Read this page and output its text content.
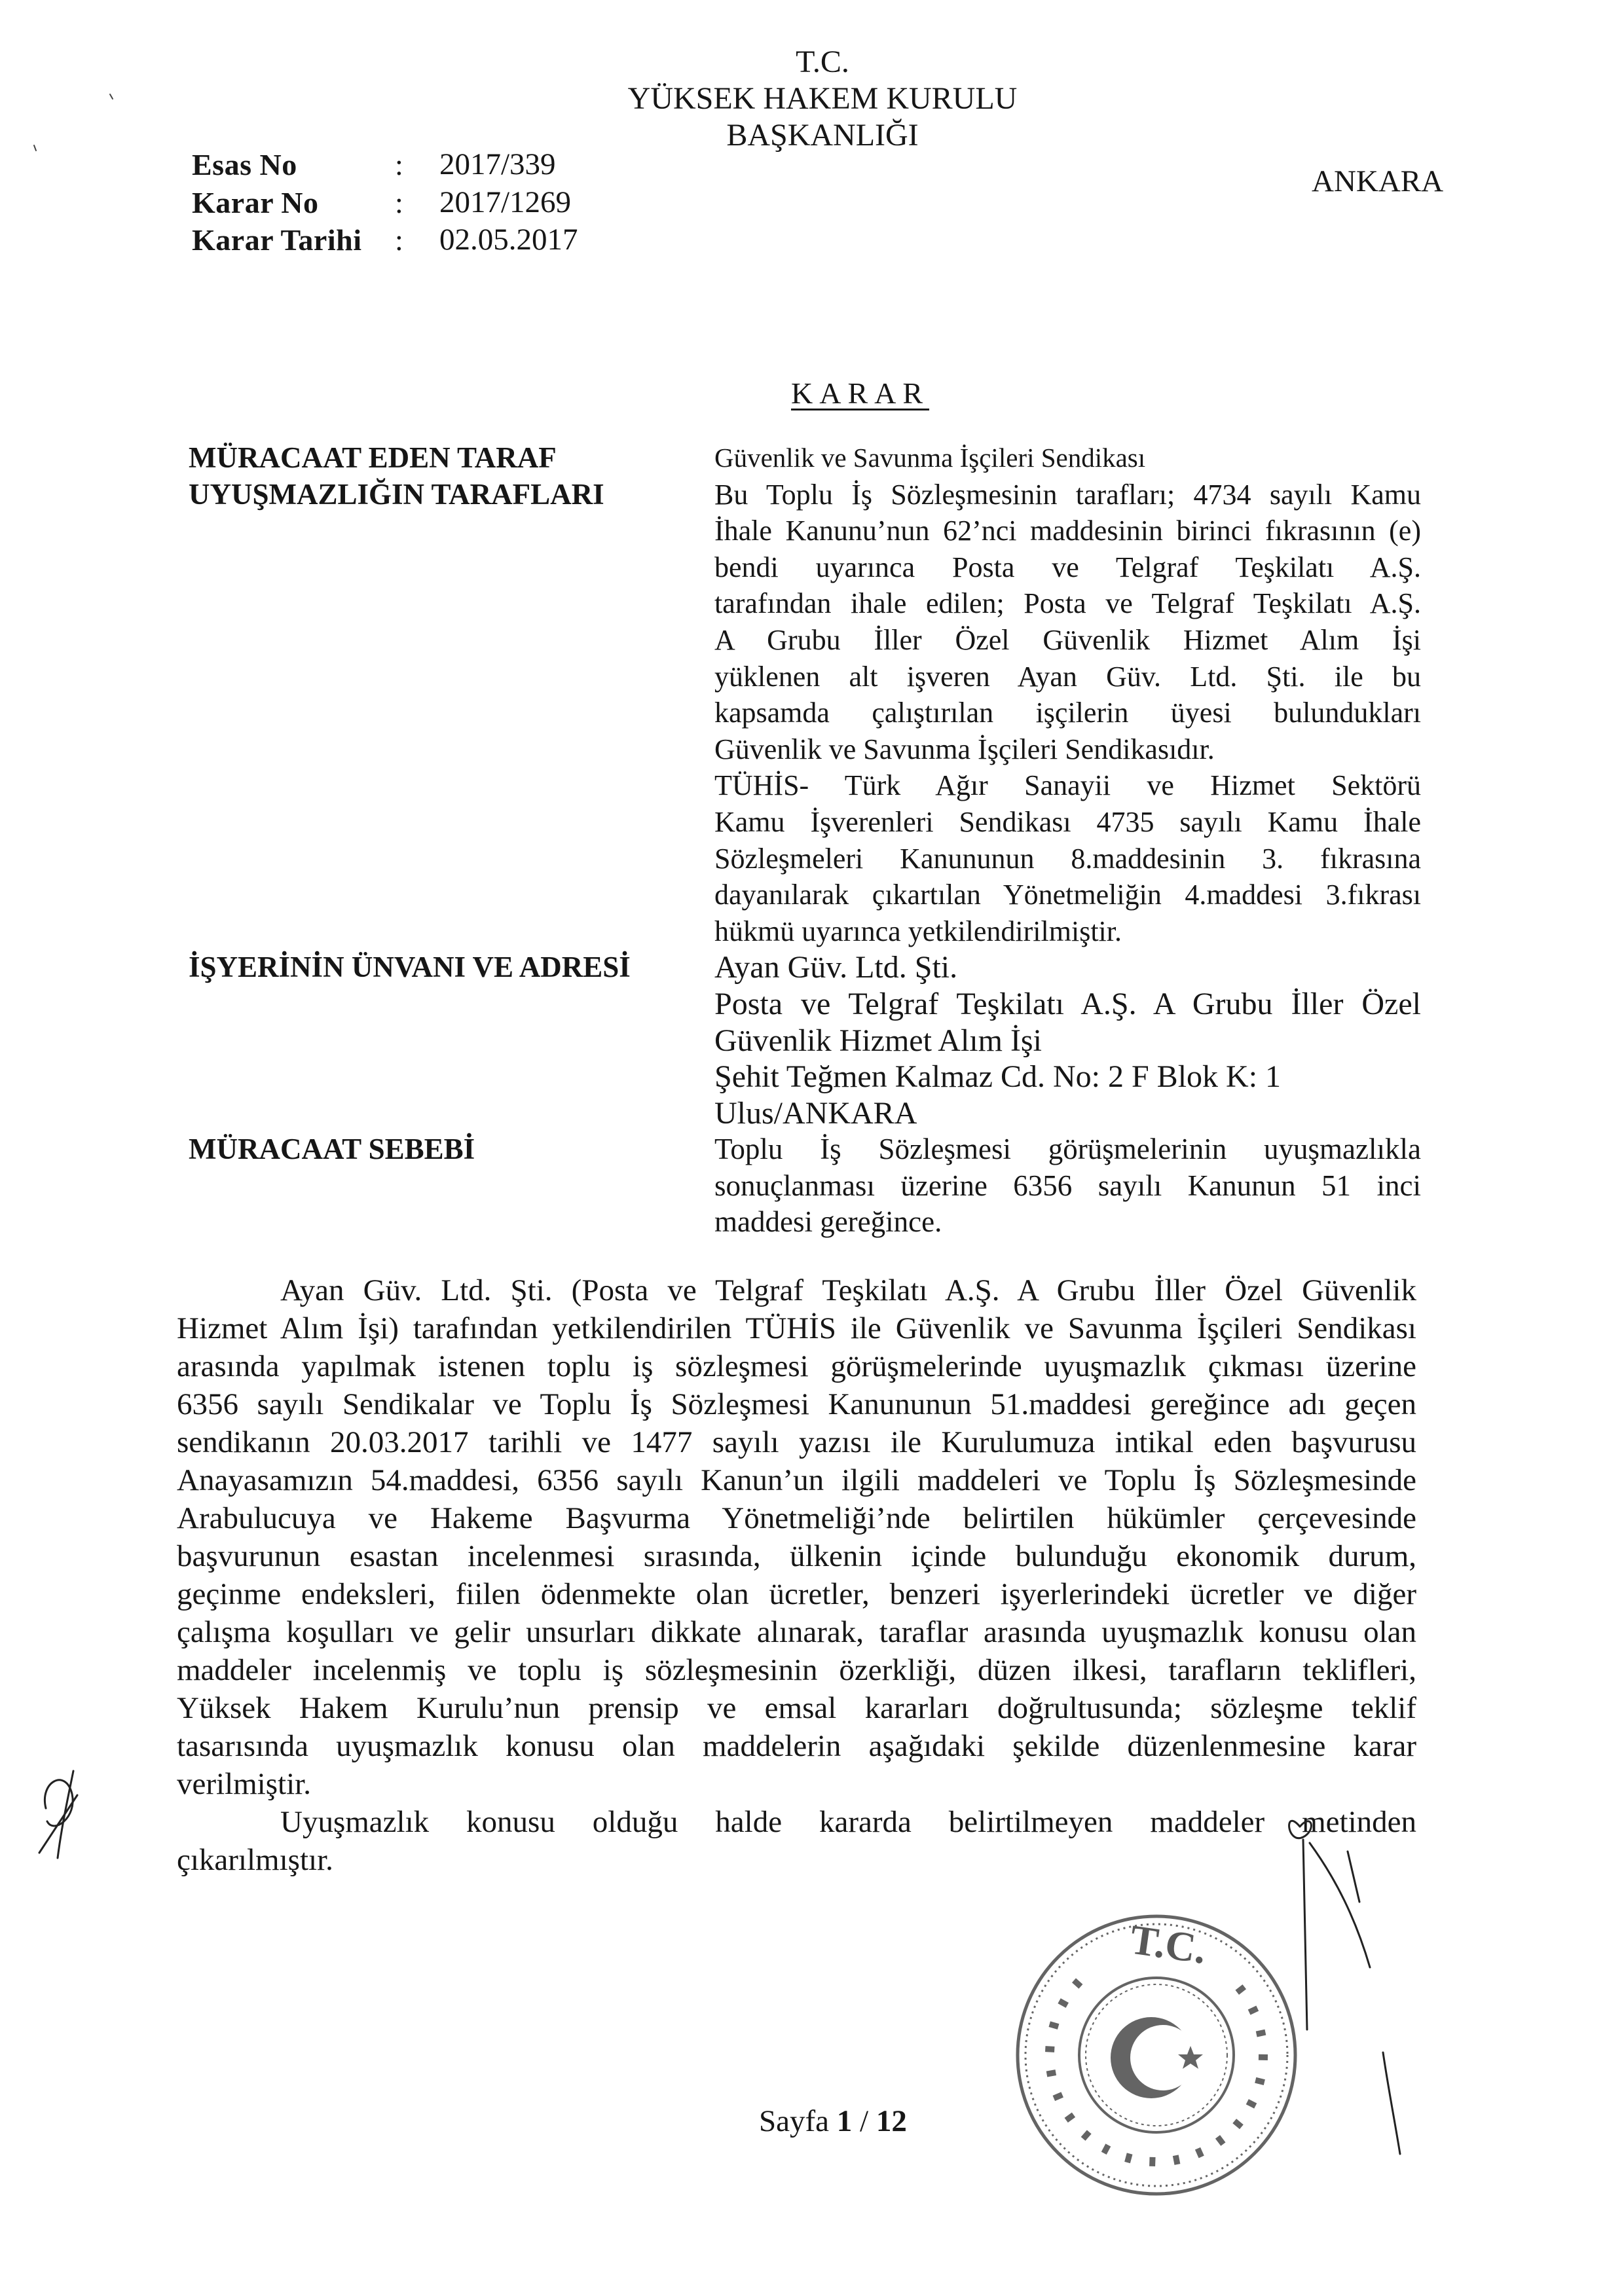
T.C.
YÜKSEK HAKEM KURULU
BAŞKANLIĞI
Esas No	:	2017/339
Karar No	:	2017/1269
Karar Tarihi	:	02.05.2017
ANKARA
KARAR
MÜRACAAT EDEN TARAF	Güvenlik ve Savunma İşçileri Sendikası
UYUŞMAZLIĞIN TARAFLARI	Bu Toplu İş Sözleşmesinin tarafları; 4734 sayılı Kamu
İhale Kanunu’nun 62’nci maddesinin birinci fıkrasının (e)
bendi uyarınca Posta ve Telgraf Teşkilatı A.Ş.
tarafından ihale edilen; Posta ve Telgraf Teşkilatı A.Ş.
A Grubu İller Özel Güvenlik Hizmet Alım İşi
yüklenen alt işveren Ayan Güv. Ltd. Şti. ile bu
kapsamda çalıştırılan işçilerin üyesi bulundukları
Güvenlik ve Savunma İşçileri Sendikasıdır.
TÜHİS- Türk Ağır Sanayii ve Hizmet Sektörü
Kamu İşverenleri Sendikası 4735 sayılı Kamu İhale
Sözleşmeleri Kanununun 8.maddesinin 3. fıkrasına
dayanılarak çıkartılan Yönetmeliğin 4.maddesi 3.fıkrası
hükmü uyarınca yetkilendirilmiştir.
İŞYERİNİN ÜNVANI VE ADRESİ	Ayan Güv. Ltd. Şti.
Posta ve Telgraf Teşkilatı A.Ş. A Grubu İller Özel
Güvenlik Hizmet Alım İşi
Şehit Teğmen Kalmaz Cd. No: 2 F Blok K: 1
Ulus/ANKARA
MÜRACAAT SEBEBİ	Toplu İş Sözleşmesi görüşmelerinin uyuşmazlıkla
sonuçlanması üzerine 6356 sayılı Kanunun 51 inci
maddesi gereğince.
Ayan Güv. Ltd. Şti. (Posta ve Telgraf Teşkilatı A.Ş. A Grubu İller Özel Güvenlik
Hizmet Alım İşi) tarafından yetkilendirilen TÜHİS ile Güvenlik ve Savunma İşçileri Sendikası
arasında yapılmak istenen toplu iş sözleşmesi görüşmelerinde uyuşmazlık çıkması üzerine
6356 sayılı Sendikalar ve Toplu İş Sözleşmesi Kanununun 51.maddesi gereğince adı geçen
sendikanın 20.03.2017 tarihli ve 1477 sayılı yazısı ile Kurulumuza intikal eden başvurusu
Anayasamızın 54.maddesi, 6356 sayılı Kanun’un ilgili maddeleri ve Toplu İş Sözleşmesinde
Arabulucuya ve Hakeme Başvurma Yönetmeliği’nde belirtilen hükümler çerçevesinde
başvurunun esastan incelenmesi sırasında, ülkenin içinde bulunduğu ekonomik durum,
geçinme endeksleri, fiilen ödenmekte olan ücretler, benzeri işyerlerindeki ücretler ve diğer
çalışma koşulları ve gelir unsurları dikkate alınarak, taraflar arasında uyuşmazlık konusu olan
maddeler incelenmiş ve toplu iş sözleşmesinin özerkliği, düzen ilkesi, tarafların teklifleri,
Yüksek Hakem Kurulu’nun prensip ve emsal kararları doğrultusunda; sözleşme teklif
tasarısında uyuşmazlık konusu olan maddelerin aşağıdaki şekilde düzenlenmesine karar
verilmiştir.
Uyuşmazlık konusu olduğu halde kararda belirtilmeyen maddeler metinden
çıkarılmıştır.
Sayfa 1 / 12
T.C.
